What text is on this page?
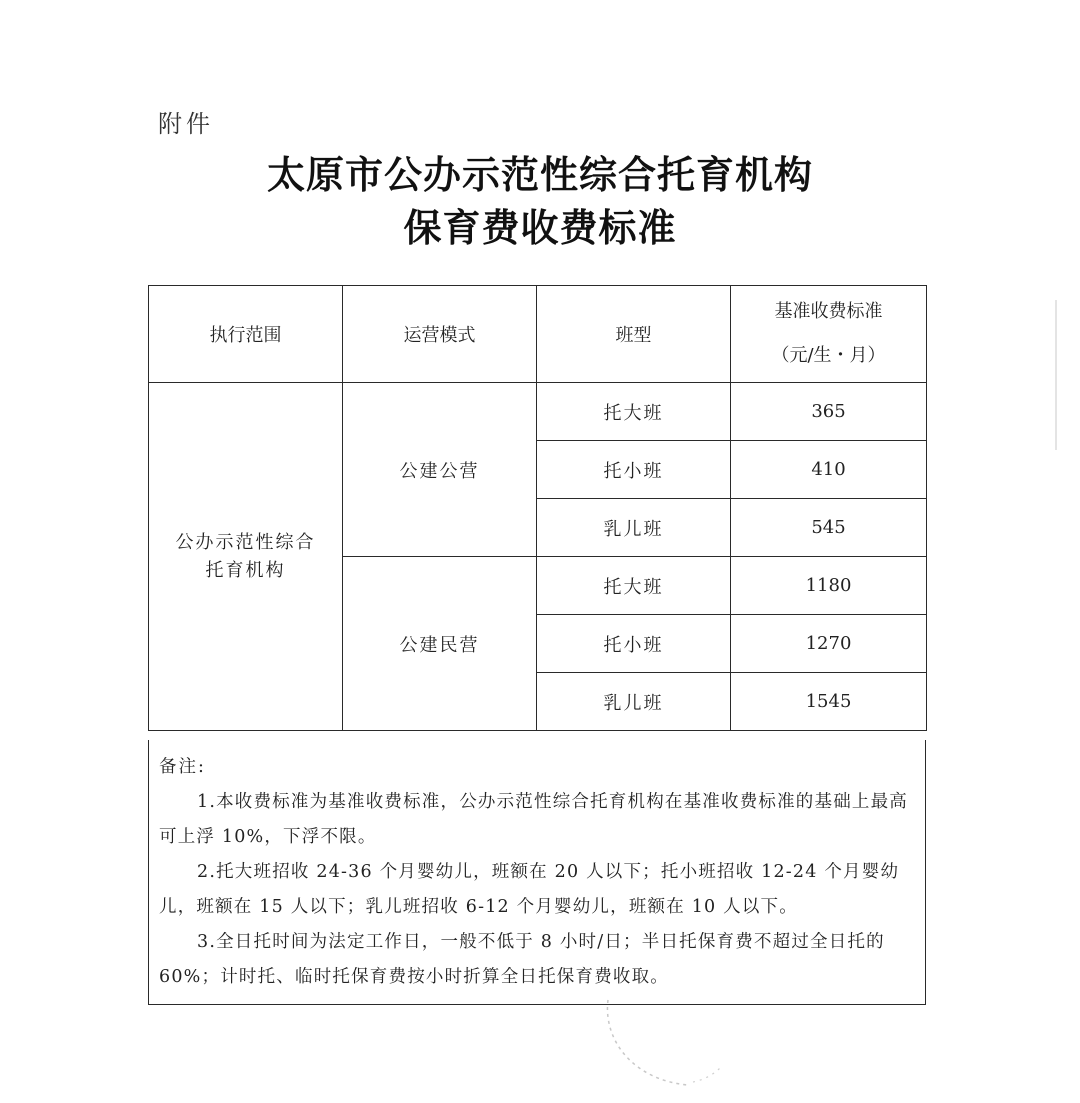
附件
太原市公办示范性综合托育机构
保育费收费标准
执行范围	运营模式	班型	基准收费标准
（元/生・月）

公办示范性综合
托育机构	公建公营	托大班	365
		托小班	410
		乳儿班	545
	公建民营	托大班	1180
		托小班	1270
		乳儿班	1545
备注:
1.本收费标准为基准收费标准，公办示范性综合托育机构在基准收费标准的基础上最高可上浮 10%，下浮不限。
2.托大班招收 24-36 个月婴幼儿，班额在 20 人以下；托小班招收 12-24 个月婴幼儿，班额在 15 人以下；乳儿班招收 6-12 个月婴幼儿，班额在 10 人以下。
3.全日托时间为法定工作日，一般不低于 8 小时/日；半日托保育费不超过全日托的 60%；计时托、临时托保育费按小时折算全日托保育费收取。
